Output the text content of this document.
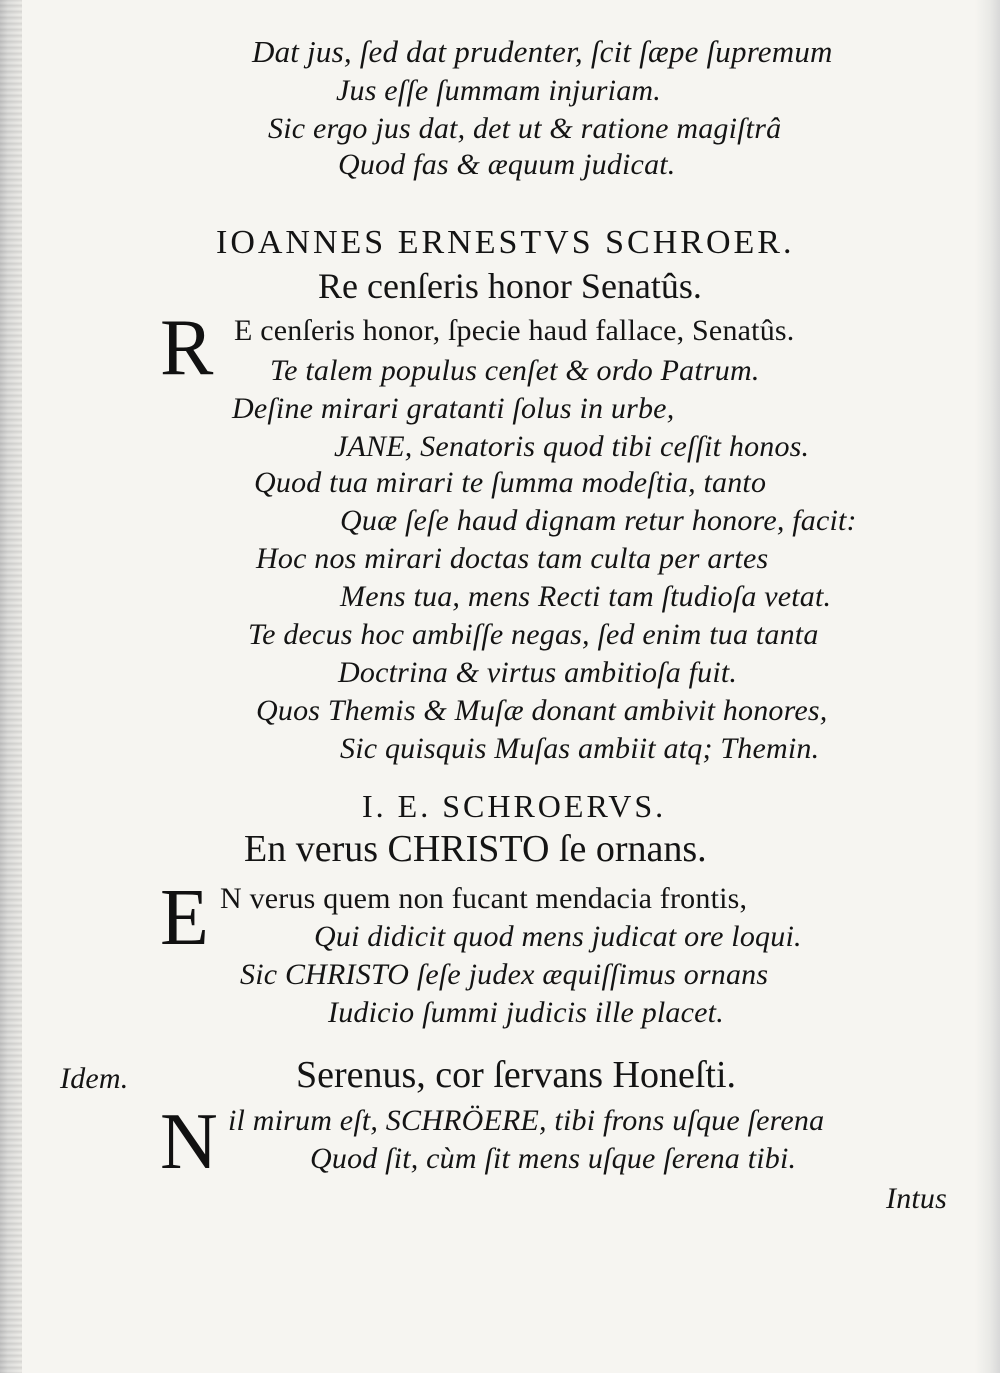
Dat jus, ſed dat prudenter, ſcit ſæpe ſupremum
Jus eſſe ſummam injuriam.
Sic ergo jus dat, det ut & ratione magiſtrâ
Quod fas & æquum judicat.
IOANNES ERNESTVS SCHROER.
Re cenſeris honor Senatûs.
R E cenſeris honor, ſpecie haud fallace, Senatûs.
Te talem populus cenſet & ordo Patrum.
Deſine mirari gratanti ſolus in urbe,
JANE, Senatoris quod tibi ceſſit honos.
Quod tua mirari te ſumma modeſtia, tanto
Quæ ſeſe haud dignam retur honore, facit:
Hoc nos mirari doctas tam culta per artes
Mens tua, mens Recti tam ſtudioſa vetat.
Te decus hoc ambiſſe negas, ſed enim tua tanta
Doctrina & virtus ambitioſa fuit.
Quos Themis & Muſæ donant ambivit honores,
Sic quisquis Muſas ambiit atq; Themin.
I. E. SCHROERVS.
En verus CHRISTO ſe ornans.
E N verus quem non fucant mendacia frontis,
Qui didicit quod mens judicat ore loqui.
Sic CHRISTO ſeſe judex æquiſſimus ornans
Iudicio ſummi judicis ille placet.
Idem.	Serenus, cor ſervans Honeſti.
N il mirum eſt, SCHRÖERE, tibi frons uſque ſerena
Quod ſit, cùm ſit mens uſque ſerena tibi.
Intus
